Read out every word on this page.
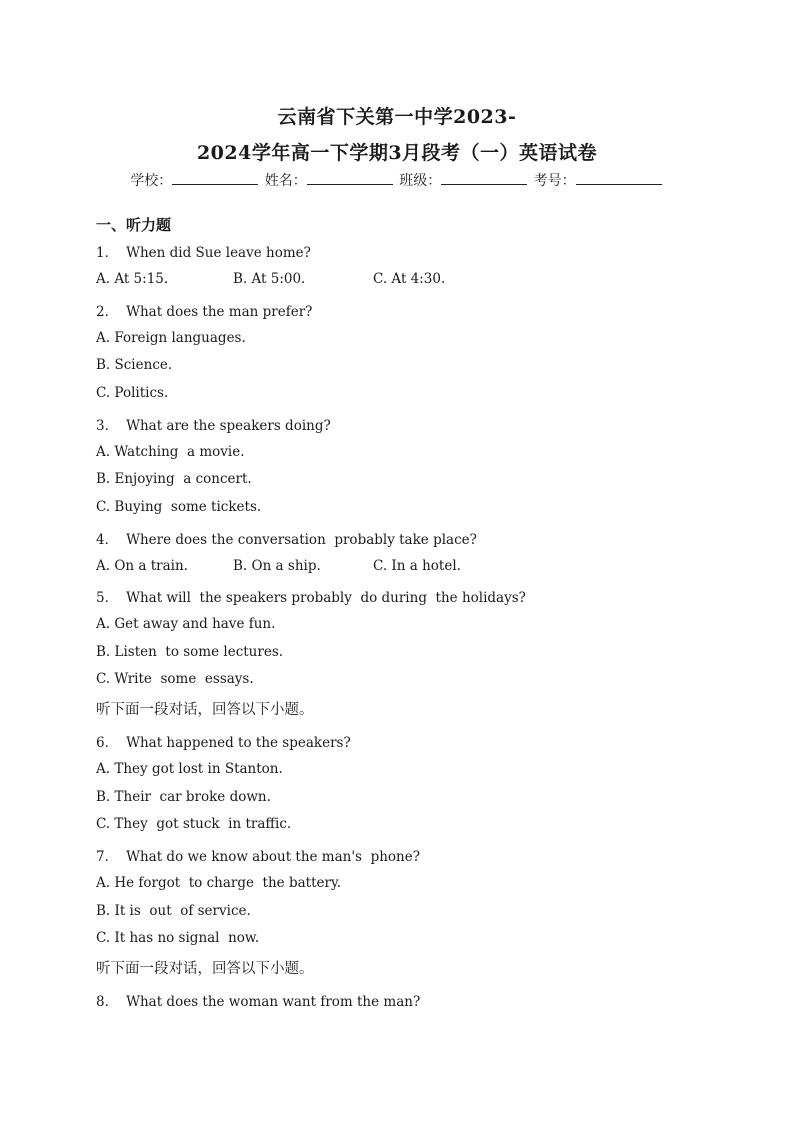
云南省下关第一中学2023-
2024学年高一下学期3月段考（一）英语试卷
学校：	姓名：	班级：	考号：
一、听力题
1． When did Sue leave home?
A. At 5:15.	B. At 5:00.	C. At 4:30.
2． What does the man prefer?
A. Foreign languages.
B. Science.
C. Politics.
3． What are the speakers doing?
A. Watching  a movie.
B. Enjoying  a concert.
C. Buying  some tickets.
4． Where does the conversation  probably take place?
A. On a train.	B. On a ship.	C. In a hotel.
5． What will  the speakers probably  do during  the holidays?
A. Get away and have fun.
B. Listen  to some lectures.
C. Write  some  essays.
听下面一段对话，回答以下小题。
6． What happened to the speakers?
A. They got lost in Stanton.
B. Their  car broke down.
C. They  got stuck  in traffic.
7． What do we know about the man's  phone?
A. He forgot  to charge  the battery.
B. It is  out  of service.
C. It has no signal  now.
听下面一段对话，回答以下小题。
8． What does the woman want from the man?
